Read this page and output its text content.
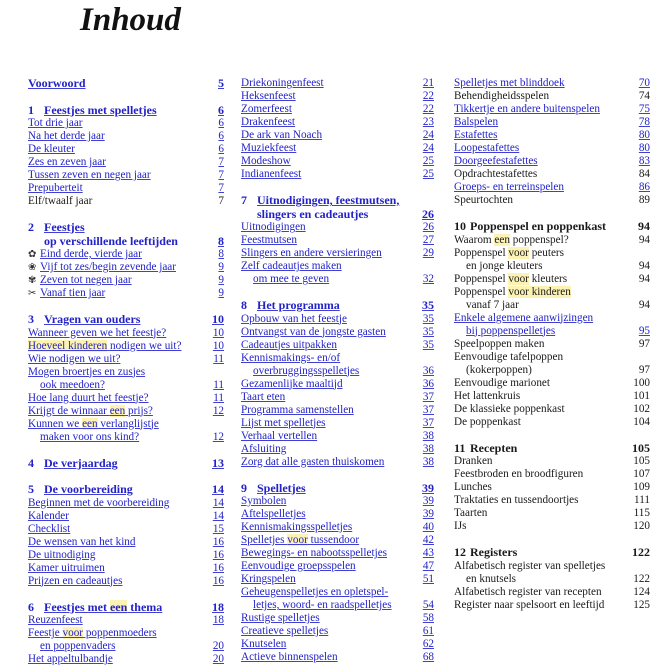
Inhoud
Voorwoord	5
1 Feestjes met spelletjes	6
Tot drie jaar	6
Na het derde jaar	6
De kleuter	6
Zes en zeven jaar	7
Tussen zeven en negen jaar	7
Prepuberteit	7
Elf/twaalf jaar	7
2 Feestjesop verschillende leeftijden	8
✿ Eind derde, vierde jaar	8
❀ Vijf tot zes/begin zevende jaar	9
✾ Zeven tot negen jaar	9
✂ Vanaf tien jaar	9
3 Vragen van ouders	10
Wanneer geven we het feestje?	10
Hoeveel kinderen nodigen we uit?	10
Wie nodigen we uit?	11
Mogen broertjes en zusjes
ook meedoen?	11
Hoe lang duurt het feestje?	11
Krijgt de winnaar een prijs?	12
Kunnen we een verlanglijstje
maken voor ons kind?	12
4 De verjaardag	13
5 De voorbereiding	14
Beginnen met de voorbereiding	14
Kalender	14
Checklist	15
De wensen van het kind	16
De uitnodiging	16
Kamer uitruimen	16
Prijzen en cadeautjes	16
6 Feestjes met een thema	18
Reuzenfeest	18
Feestje voor poppenmoeders
en poppenvaders	20
Het appeltulbandje	20
Driekoningenfeest	21
Heksenfeest	22
Zomerfeest	22
Drakenfeest	23
De ark van Noach	24
Muziekfeest	24
Modeshow	25
Indianenfeest	25
7 Uitnodigingen, feestmutsen,slingers en cadeautjes	26
Uitnodigingen	26
Feestmutsen	27
Slingers en andere versieringen	29
Zelf cadeautjes maken
om mee te geven	32
8 Het programma	35
Opbouw van het feestje	35
Ontvangst van de jongste gasten	35
Cadeautjes uitpakken	35
Kennismakings- en/of
overbruggingsspelletjes	36
Gezamenlijke maaltijd	36
Taart eten	37
Programma samenstellen	37
Lijst met spelletjes	37
Verhaal vertellen	38
Afsluiting	38
Zorg dat alle gasten thuiskomen	38
9 Spelletjes	39
Symbolen	39
Aftelspelletjes	39
Kennismakingsspelletjes	40
Spelletjes voor tussendoor	42
Bewegings- en nabootsspelletjes	43
Eenvoudige groepsspelen	47
Kringspelen	51
Geheugenspelletjes en opletspel-
letjes, woord- en raadspelletjes	54
Rustige spelletjes	58
Creatieve spelletjes	61
Knutselen	62
Actieve binnenspelen	68
Spelletjes met blinddoek	70
Behendigheidsspelen	74
Tikkertje en andere buitenspelen	75
Balspelen	78
Estafettes	80
Loopestafettes	80
Doorgeefestafettes	83
Opdrachtestafettes	84
Groeps- en terreinspelen	86
Speurtochten	89
10 Poppenspel en poppenkast	94
Waarom een poppenspel?	94
Poppenspel voor peuters
en jonge kleuters	94
Poppenspel voor kleuters	94
Poppenspel voor kinderen
vanaf 7 jaar	94
Enkele algemene aanwijzingen
bij poppenspelletjes	95
Speelpoppen maken	97
Eenvoudige tafelpoppen
(kokerpoppen)	97
Eenvoudige marionet	100
Het lattenkruis	101
De klassieke poppenkast	102
De poppenkast	104
11 Recepten	105
Dranken	105
Feestbroden en broodfiguren	107
Lunches	109
Traktaties en tussendoortjes	111
Taarten	115
IJs	120
12 Registers	122
Alfabetisch register van spelletjes
en knutsels	122
Alfabetisch register van recepten	124
Register naar spelsoort en leeftijd	125
